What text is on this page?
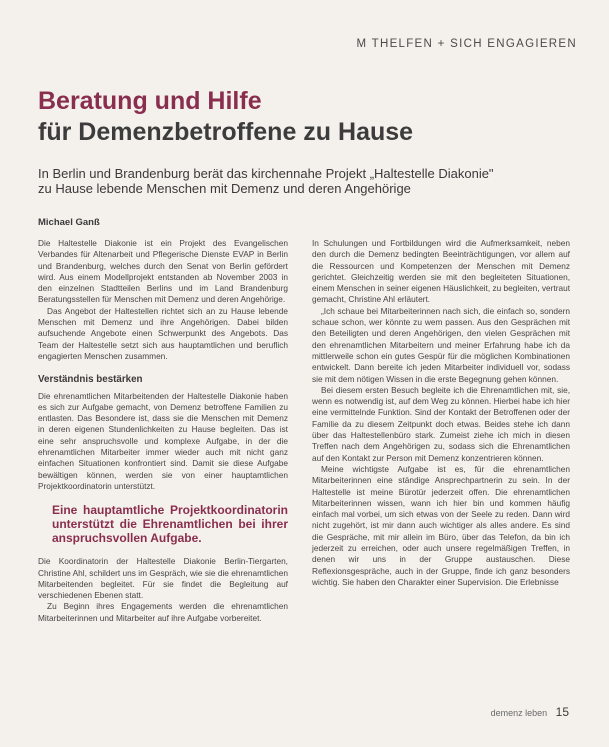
M THELFEN + SICH ENGAGIEREN
Beratung und Hilfe
für Demenzbetroffene zu Hause
In Berlin und Brandenburg berät das kirchennahe Projekt „Haltestelle Diakonie"
zu Hause lebende Menschen mit Demenz und deren Angehörige
Michael Ganß

Die Haltestelle Diakonie ist ein Projekt des Evangelischen Verbandes für Altenarbeit und Pflegerische Dienste EVAP in Berlin und Brandenburg, welches durch den Senat von Berlin gefördert wird. Aus einem Modellprojekt entstanden ab November 2003 in den einzelnen Stadtteilen Berlins und im Land Brandenburg Beratungsstellen für Menschen mit Demenz und deren Angehörige.

Das Angebot der Haltestellen richtet sich an zu Hause lebende Menschen mit Demenz und ihre Angehörigen. Dabei bilden aufsuchende Angebote einen Schwerpunkt des Angebots. Das Team der Haltestelle setzt sich aus hauptamtlichen und beruflich engagierten Menschen zusammen.

Verständnis bestärken

Die ehrenamtlichen Mitarbeitenden der Haltestelle Diakonie haben es sich zur Aufgabe gemacht, von Demenz betroffene Familien zu entlasten. Das Besondere ist, dass sie die Menschen mit Demenz in deren eigenen Stundenlichkeiten zu Hause begleiten. Das ist eine sehr anspruchsvolle und komplexe Aufgabe, in der die ehrenamtlichen Mitarbeiter immer wieder auch mit nicht ganz einfachen Situationen konfrontiert sind. Damit sie diese Aufgabe bewältigen können, werden sie von einer hauptamtlichen Projektkoordinatorin unterstützt.

Eine hauptamtliche Projektkoordinatorin unterstützt die Ehrenamtlichen bei ihrer anspruchsvollen Aufgabe.

Die Koordinatorin der Haltestelle Diakonie Berlin-Tiergarten, Christine Ahl, schildert uns im Gespräch, wie sie die ehrenamtlichen Mitarbeitenden begleitet. Für sie findet die Begleitung auf verschiedenen Ebenen statt.

Zu Beginn ihres Engagements werden die ehrenamtlichen Mitarbeiterinnen und Mitarbeiter auf ihre Aufgabe vorbereitet.

In Schulungen und Fortbildungen wird die Aufmerksamkeit, neben den durch die Demenz bedingten Beeinträchtigungen, vor allem auf die Ressourcen und Kompetenzen der Menschen mit Demenz gerichtet. Gleichzeitig werden sie mit den begleiteten Situationen, einem Menschen in seiner eigenen Häuslichkeit, zu begleiten, vertraut gemacht, Christine Ahl erläutert.

„Ich schaue bei Mitarbeiterinnen nach sich, die einfach so, sondern schaue schon, wer könnte zu wem passen. Aus den Gesprächen mit den Beteiligten und deren Angehörigen, den vielen Gesprächen mit den ehrenamtlichen Mitarbeitern und meiner Erfahrung habe ich da mittlerweile schon ein gutes Gespür für die möglichen Kombinationen entwickelt. Dann bereite ich jeden Mitarbeiter individuell vor, sodass sie mit dem nötigen Wissen in die erste Begegnung gehen können.

Bei diesem ersten Besuch begleite ich die Ehrenamtlichen mit, sie, wenn es notwendig ist, auf dem Weg zu können. Hierbei habe ich hier eine vermittelnde Funktion. Sind der Kontakt der Betroffenen oder der Familie da zu diesem Zeitpunkt doch etwas. Beides stehe ich dann über das Haltestellenbüro stark. Zumeist ziehe ich mich in diesen Treffen nach dem Angehörigen zu, sodass sich die Ehrenamtlichen auf den Kontakt zur Person mit Demenz konzentrieren können.

Meine wichtigste Aufgabe ist es, für die ehrenamtlichen Mitarbeiterinnen eine ständige Ansprechpartnerin zu sein. In der Haltestelle ist meine Bürotür jederzeit offen. Die ehrenamtlichen Mitarbeiterinnen wissen, wann ich hier bin und kommen häufig einfach mal vorbei, um sich etwas von der Seele zu reden. Dann wird nicht zugehört, ist mir dann auch wichtiger als alles andere. Es sind die Gespräche, mit mir allein im Büro, über das Telefon, da bin ich jederzeit zu erreichen, oder auch unsere regelmäßigen Treffen, in denen wir uns in der Gruppe austauschen. Diese Reflexionsgespräche, auch in der Gruppe, finde ich ganz besonders wichtig. Sie haben den Charakter einer Supervision. Die Erlebnisse

demenz leben 15
